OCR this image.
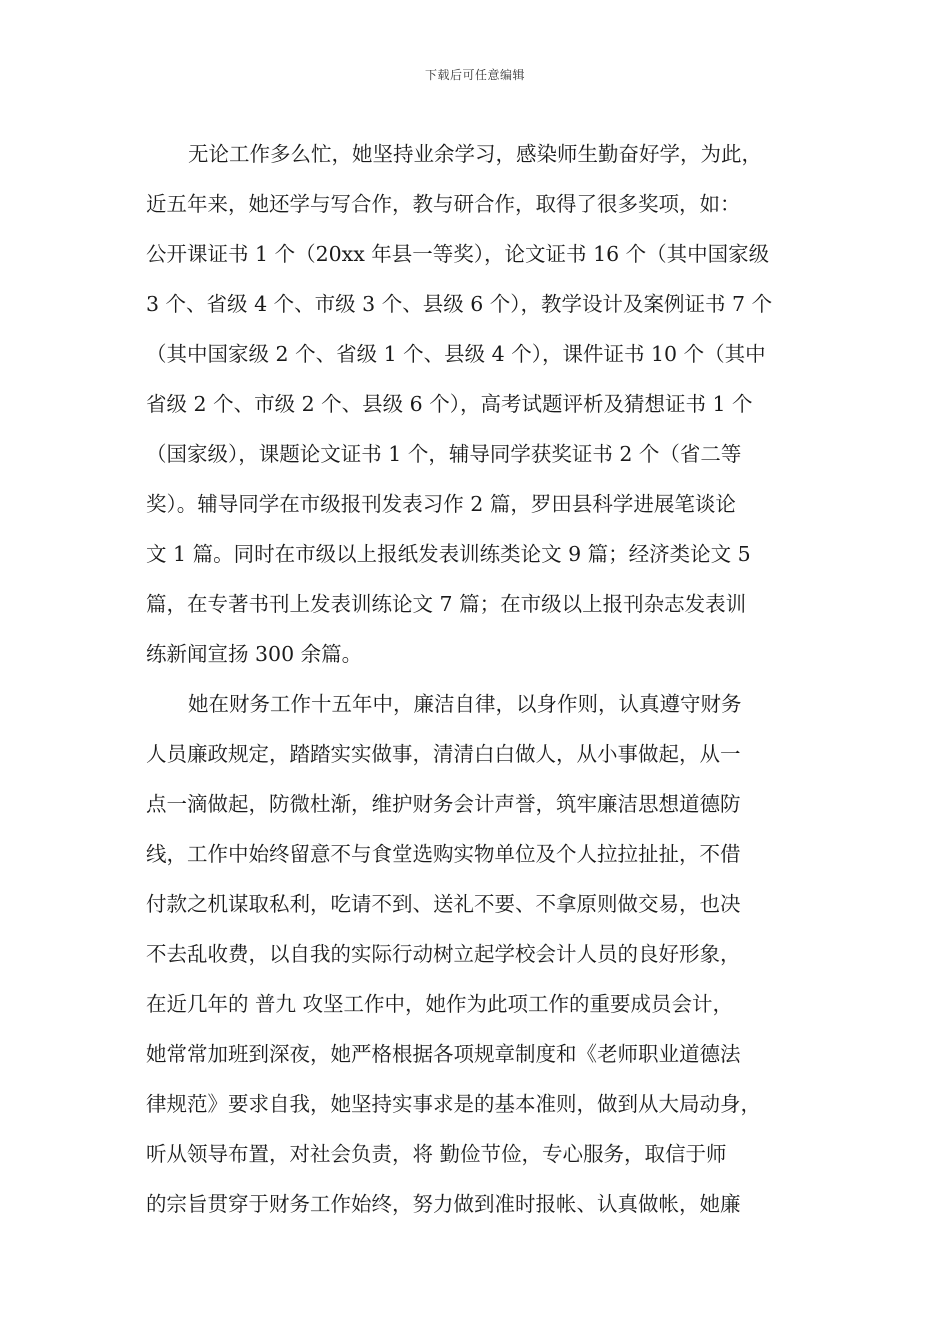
下载后可任意编辑
无论工作多么忙，她坚持业余学习，感染师生勤奋好学，为此，
近五年来，她还学与写合作，教与研合作，取得了很多奖项，如：
公开课证书 1 个（20xx 年县一等奖），论文证书 16 个（其中国家级
3 个、省级 4 个、市级 3 个、县级 6 个），教学设计及案例证书 7 个
（其中国家级 2 个、省级 1 个、县级 4 个），课件证书 10 个（其中
省级 2 个、市级 2 个、县级 6 个），高考试题评析及猜想证书 1 个
（国家级），课题论文证书 1 个，辅导同学获奖证书 2 个（省二等
奖）。辅导同学在市级报刊发表习作 2 篇，罗田县科学进展笔谈论
文 1 篇。同时在市级以上报纸发表训练类论文 9 篇；经济类论文 5
篇，在专著书刊上发表训练论文 7 篇；在市级以上报刊杂志发表训
练新闻宣扬 300 余篇。
她在财务工作十五年中，廉洁自律，以身作则，认真遵守财务
人员廉政规定，踏踏实实做事，清清白白做人，从小事做起，从一
点一滴做起，防微杜渐，维护财务会计声誉，筑牢廉洁思想道德防
线，工作中始终留意不与食堂选购实物单位及个人拉拉扯扯，不借
付款之机谋取私利，吃请不到、送礼不要、不拿原则做交易，也决
不去乱收费，以自我的实际行动树立起学校会计人员的良好形象，
在近几年的 普九 攻坚工作中，她作为此项工作的重要成员会计，
她常常加班到深夜，她严格根据各项规章制度和《老师职业道德法
律规范》要求自我，她坚持实事求是的基本准则，做到从大局动身，
听从领导布置，对社会负责，将 勤俭节俭，专心服务，取信于师
的宗旨贯穿于财务工作始终，努力做到准时报帐、认真做帐，她廉
